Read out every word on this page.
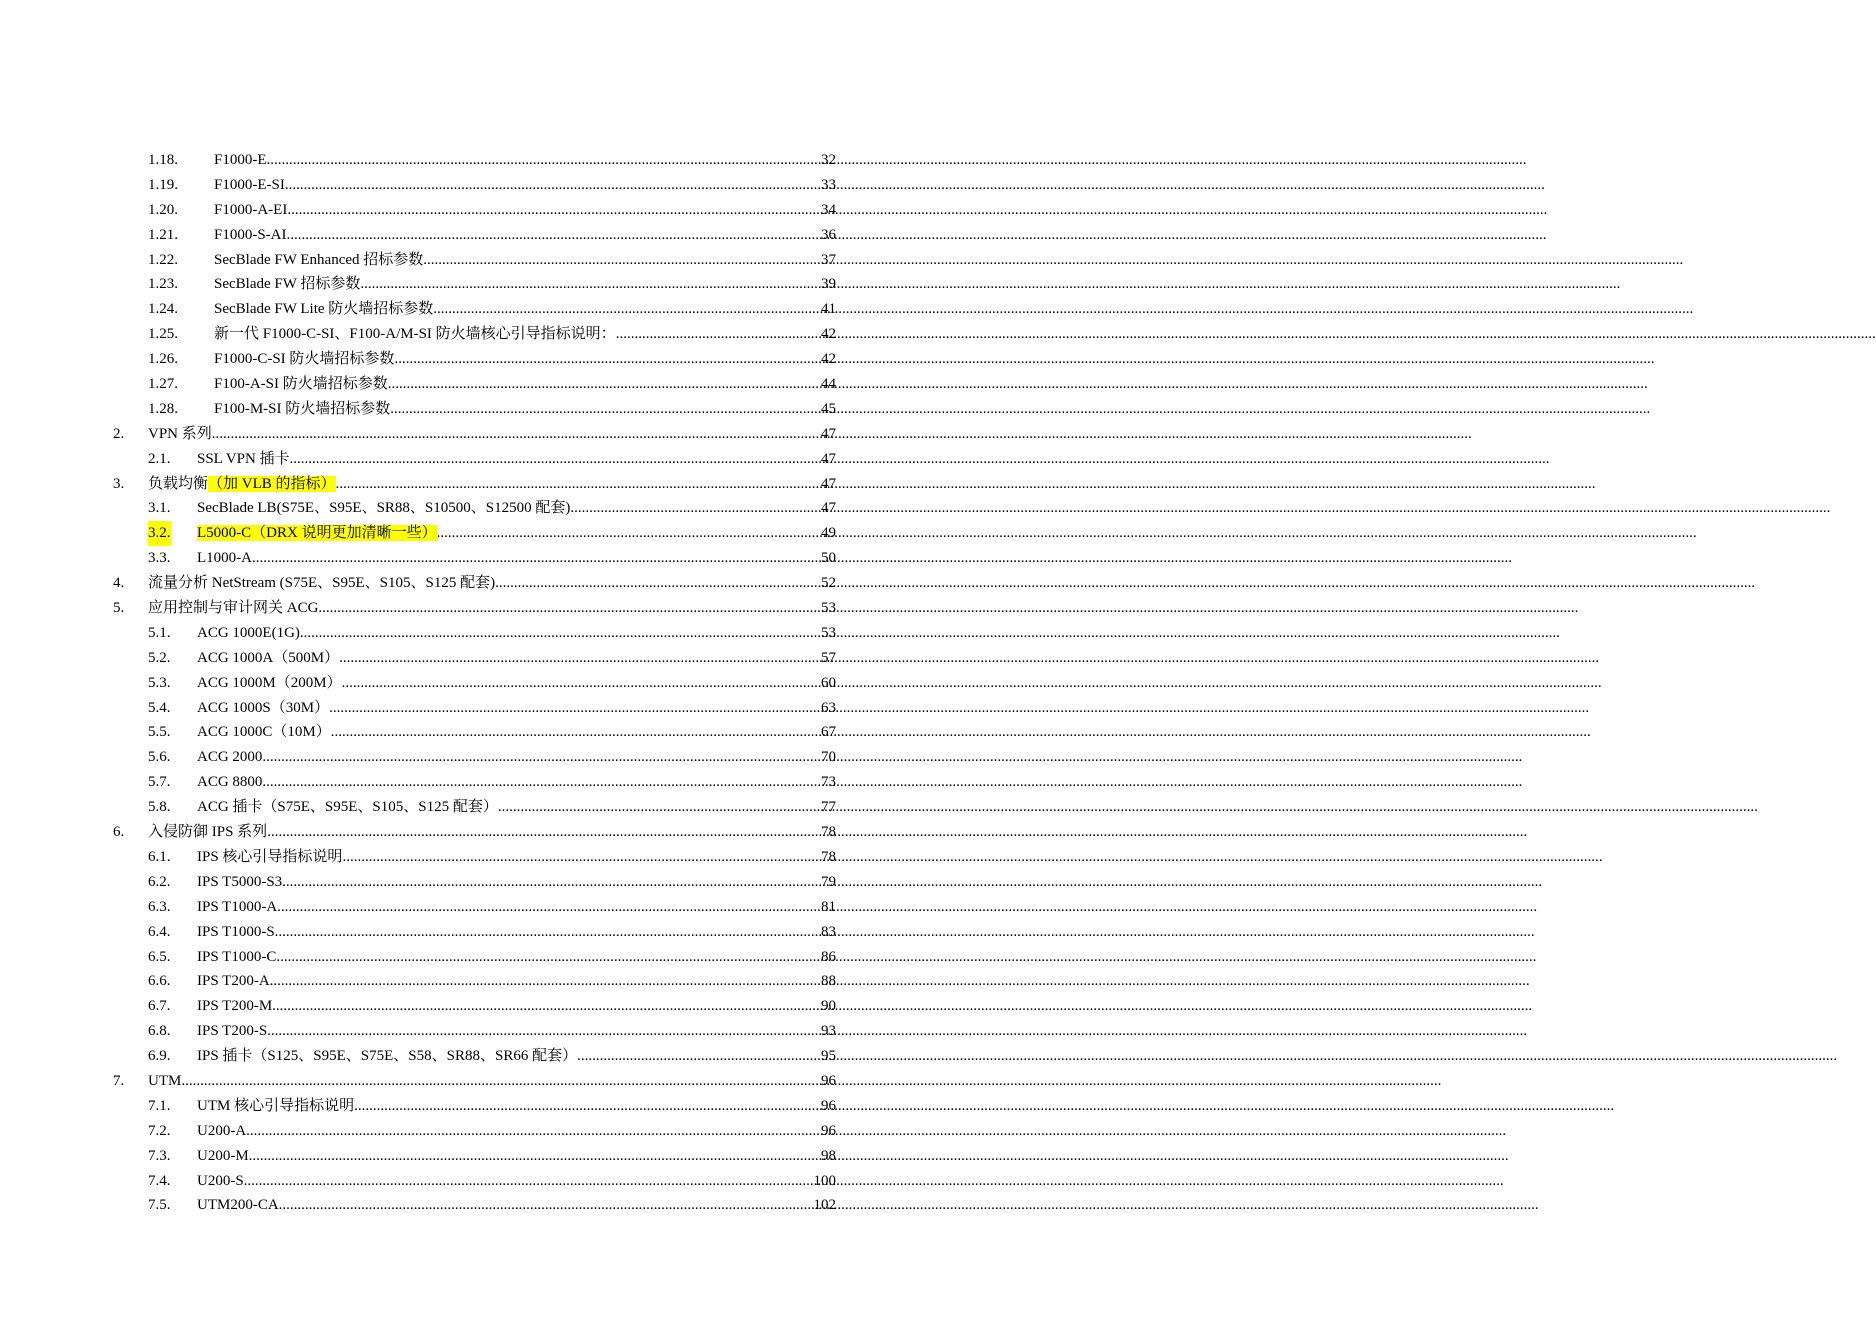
1.18. F1000-E .....	32
1.19. F1000-E-SI .....	33
1.20. F1000-A-EI .....	34
1.21. F1000-S-AI .....	36
1.22. SecBlade FW Enhanced 招标参数 .....	37
1.23. SecBlade FW 招标参数 .....	39
1.24. SecBlade FW Lite 防火墙招标参数 .....	41
1.25. 新一代 F1000-C-SI、F100-A/M-SI 防火墙核心引导指标说明： .....	42
1.26. F1000-C-SI 防火墙招标参数 .....	42
1.27. F100-A-SI 防火墙招标参数 .....	44
1.28. F100-M-SI 防火墙招标参数 .....	45
2. VPN 系列 .....	47
2.1. SSL VPN 插卡 .....	47
3. 负载均衡（加 VLB 的指标） .....	47
3.1. SecBlade LB(S75E、S95E、SR88、S10500、S12500 配套) .....	47
3.2. L5000-C（DRX 说明更加清晰一些） .....	49
3.3. L1000-A .....	50
4. 流量分析 NetStream (S75E、S95E、S105、S125 配套) .....	52
5. 应用控制与审计网关 ACG .....	53
5.1. ACG 1000E(1G) .....	53
5.2. ACG 1000A（500M） .....	57
5.3. ACG 1000M（200M） .....	60
5.4. ACG 1000S（30M） .....	63
5.5. ACG 1000C（10M） .....	67
5.6. ACG 2000 .....	70
5.7. ACG 8800 .....	73
5.8. ACG 插卡（S75E、S95E、S105、S125 配套） .....	77
6. 入侵防御 IPS 系列 .....	78
6.1. IPS 核心引导指标说明 .....	78
6.2. IPS T5000-S3 .....	79
6.3. IPS T1000-A .....	81
6.4. IPS T1000-S .....	83
6.5. IPS T1000-C .....	86
6.6. IPS T200-A .....	88
6.7. IPS T200-M .....	90
6.8. IPS T200-S .....	93
6.9. IPS 插卡（S125、S95E、S75E、S58、SR88、SR66 配套） .....	95
7. UTM .....	96
7.1. UTM 核心引导指标说明 .....	96
7.2. U200-A .....	96
7.3. U200-M .....	98
7.4. U200-S .....	100
7.5. UTM200-CA .....	102
